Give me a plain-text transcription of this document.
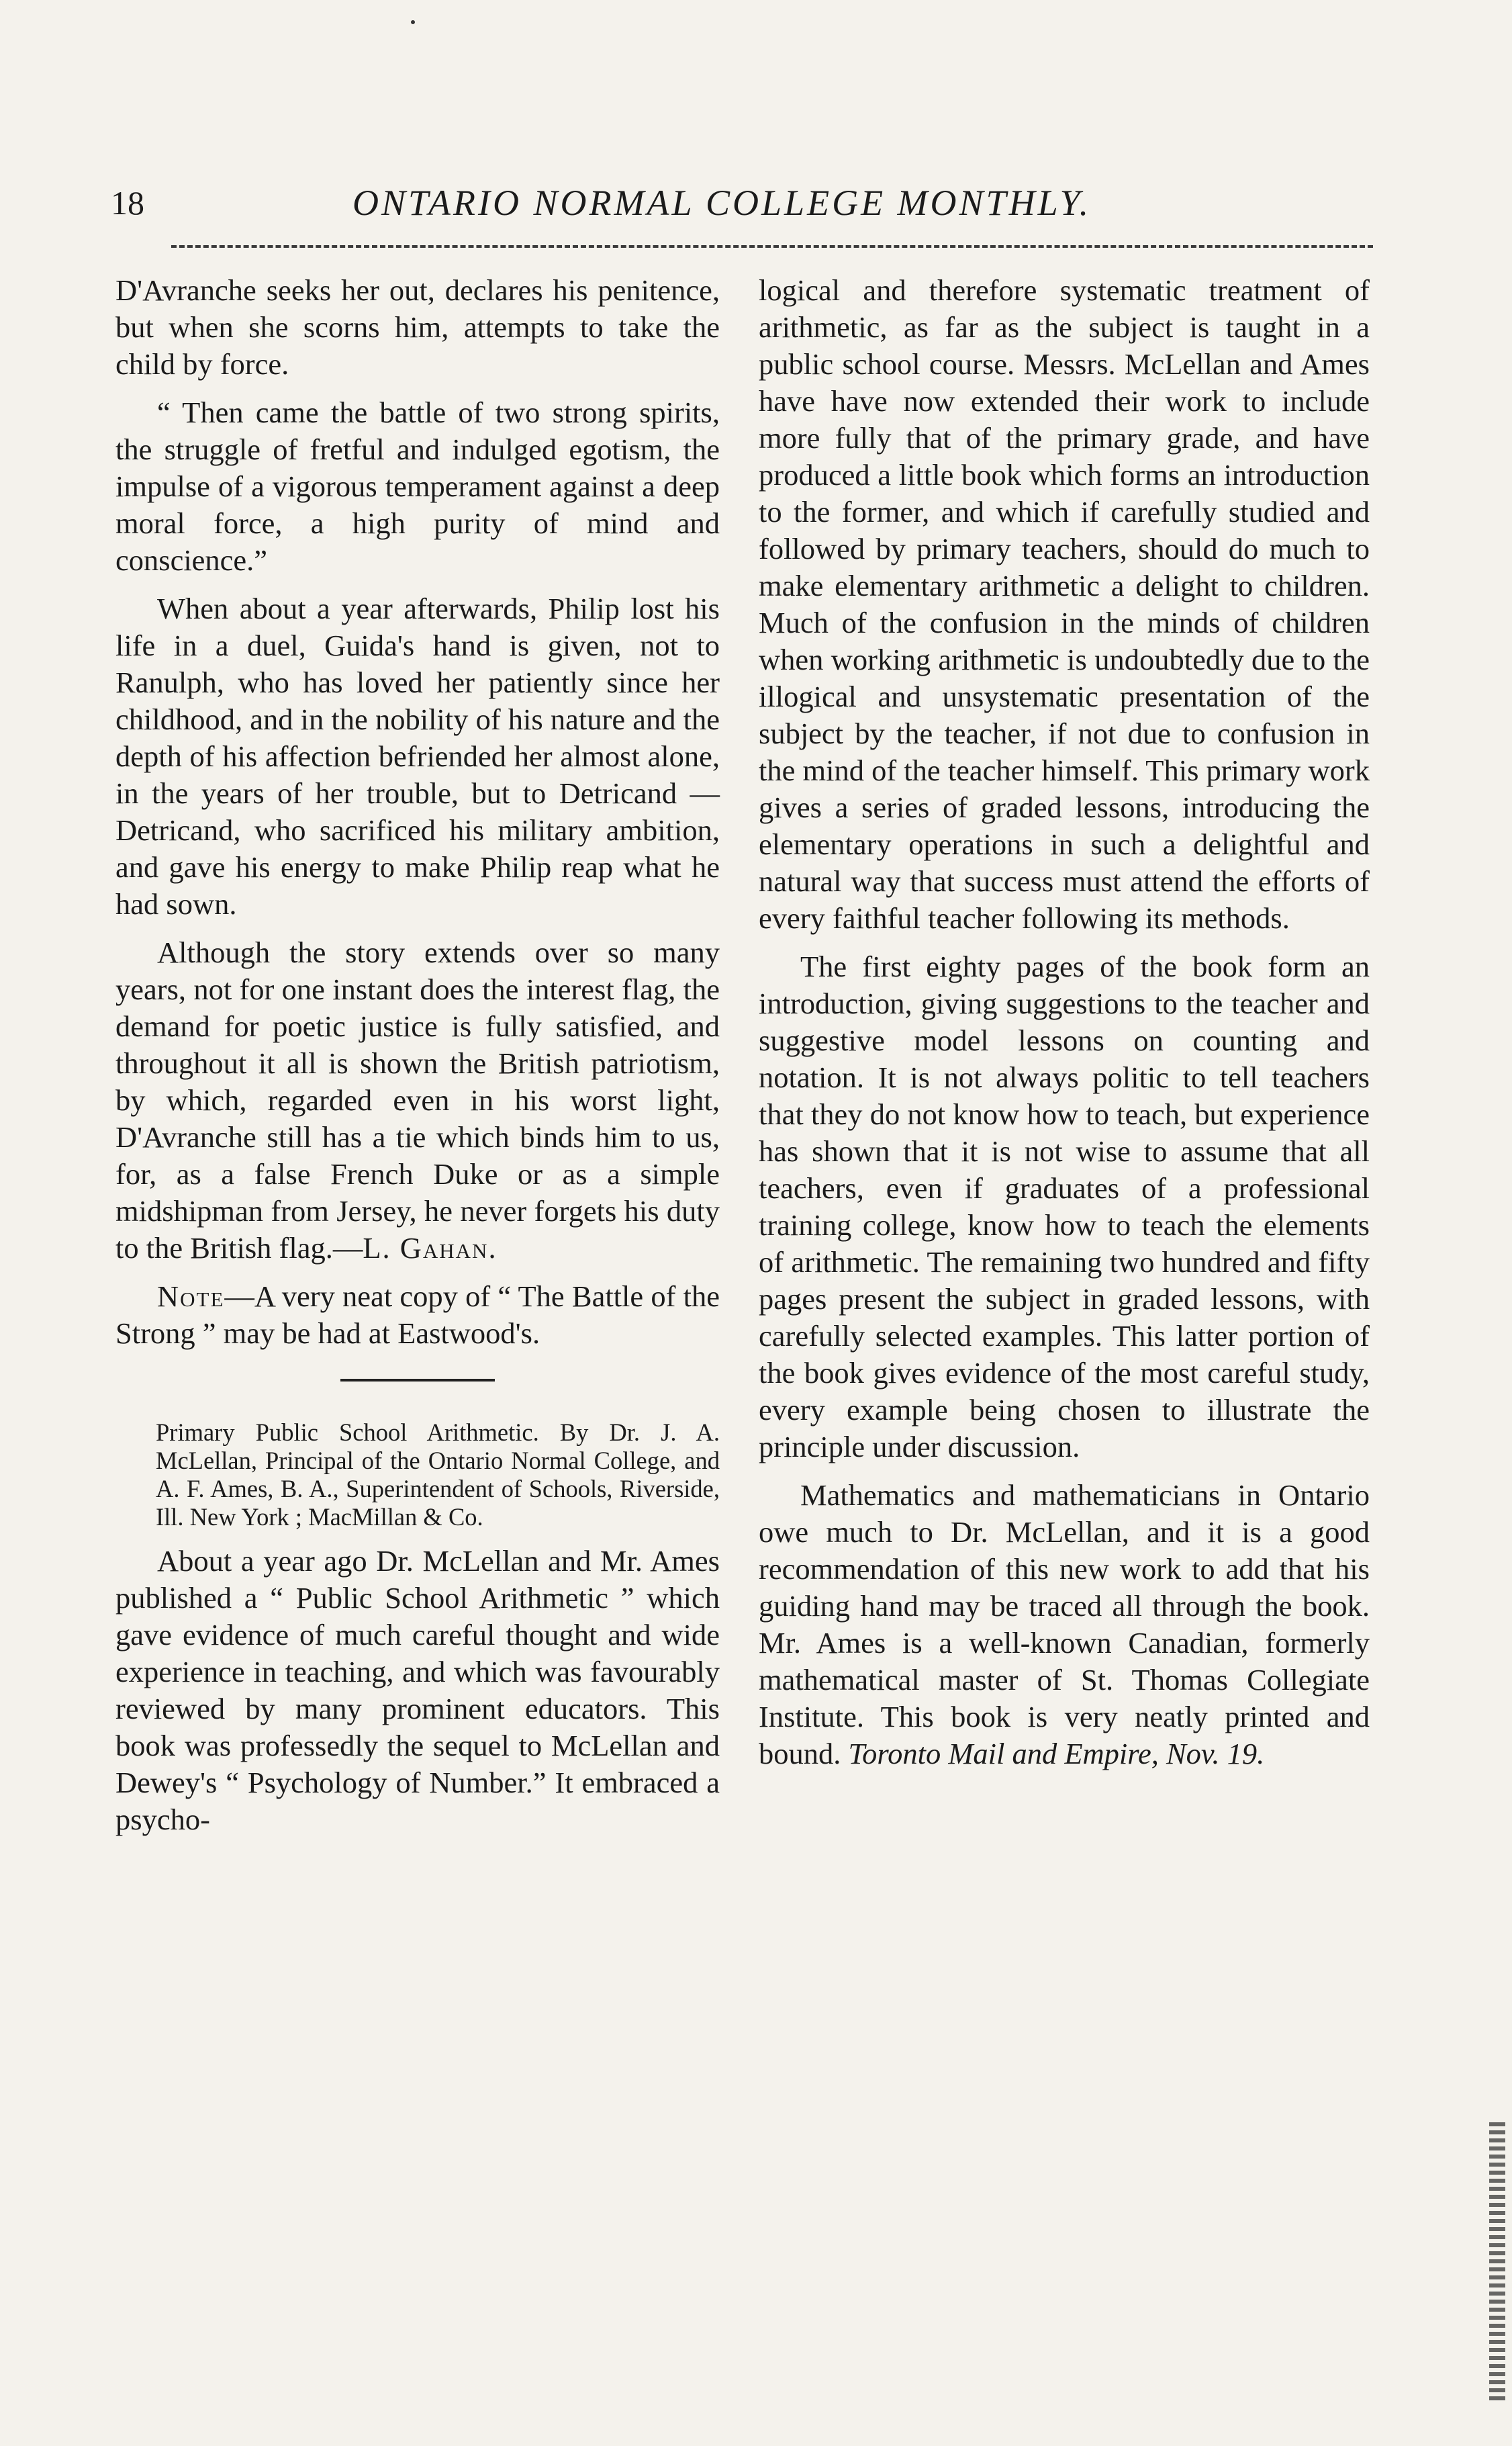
18	ONTARIO NORMAL COLLEGE MONTHLY.

D'Avranche seeks her out, declares his penitence, but when she scorns him, attempts to take the child by force.

“ Then came the battle of two strong spirits, the struggle of fretful and indulged egotism, the impulse of a vigorous temperament against a deep moral force, a high purity of mind and conscience.”

When about a year afterwards, Philip lost his life in a duel, Guida's hand is given, not to Ranulph, who has loved her patiently since her childhood, and in the nobility of his nature and the depth of his affection befriended her almost alone, in the years of her trouble, but to Detricand —Detricand, who sacrificed his military ambition, and gave his energy to make Philip reap what he had sown.

Although the story extends over so many years, not for one instant does the interest flag, the demand for poetic justice is fully satisfied, and throughout it all is shown the British patriotism, by which, regarded even in his worst light, D'Avranche still has a tie which binds him to us, for, as a false French Duke or as a simple midshipman from Jersey, he never forgets his duty to the British flag.—L. Gahan.

Note—A very neat copy of “ The Battle of the Strong ” may be had at Eastwood's.

Primary Public School Arithmetic. By Dr. J. A. McLellan, Principal of the Ontario Normal College, and A. F. Ames, B. A., Superintendent of Schools, Riverside, Ill. New York ; MacMillan & Co.

About a year ago Dr. McLellan and Mr. Ames published a “ Public School Arithmetic ” which gave evidence of much careful thought and wide experience in teaching, and which was favourably reviewed by many prominent educators. This book was professedly the sequel to McLellan and Dewey's “ Psychology of Number.” It embraced a psycho-

logical and therefore systematic treatment of arithmetic, as far as the subject is taught in a public school course. Messrs. McLellan and Ames have have now extended their work to include more fully that of the primary grade, and have produced a little book which forms an introduction to the former, and which if carefully studied and followed by primary teachers, should do much to make elementary arithmetic a delight to children. Much of the confusion in the minds of children when working arithmetic is undoubtedly due to the illogical and unsystematic presentation of the subject by the teacher, if not due to confusion in the mind of the teacher himself. This primary work gives a series of graded lessons, introducing the elementary operations in such a delightful and natural way that success must attend the efforts of every faithful teacher following its methods.

The first eighty pages of the book form an introduction, giving suggestions to the teacher and suggestive model lessons on counting and notation. It is not always politic to tell teachers that they do not know how to teach, but experience has shown that it is not wise to assume that all teachers, even if graduates of a professional training college, know how to teach the elements of arithmetic. The remaining two hundred and fifty pages present the subject in graded lessons, with carefully selected examples. This latter portion of the book gives evidence of the most careful study, every example being chosen to illustrate the principle under discussion.

Mathematics and mathematicians in Ontario owe much to Dr. McLellan, and it is a good recommendation of this new work to add that his guiding hand may be traced all through the book. Mr. Ames is a well-known Canadian, formerly mathematical master of St. Thomas Collegiate Institute. This book is very neatly printed and bound. Toronto Mail and Empire, Nov. 19.
